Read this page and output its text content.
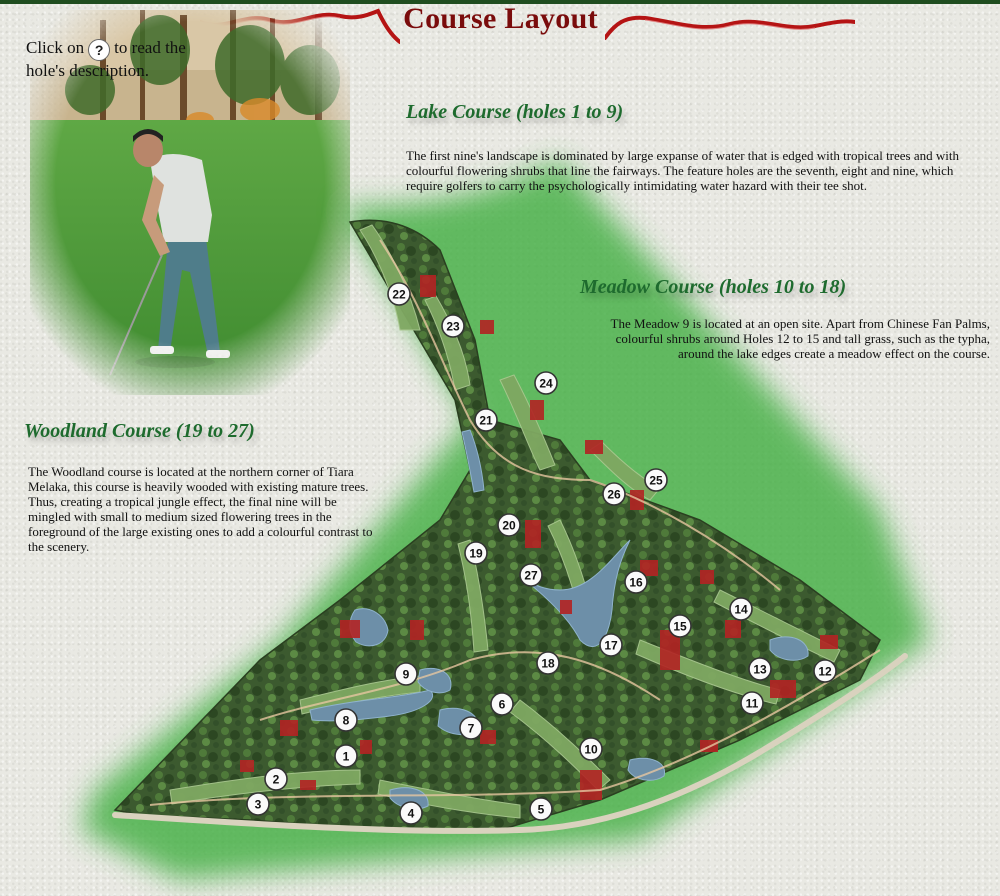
Course Layout
Click on ? to read the hole's description.
1
2
3
4	5
6
7
8
9
10
11
12
13
14
15
16
17
18
19
20
21
22
23
24
25
26
27
Lake Course (holes 1 to 9)
The first nine's landscape is dominated by large expanse of water that is edged with tropical trees and with colourful flowering shrubs that line the fairways. The feature holes are the seventh, eight and nine, which require golfers to carry the psychologically intimidating water hazard with their tee shot.
Meadow Course (holes 10 to 18)
The Meadow 9 is located at an open site. Apart from Chinese Fan Palms, colourful shrubs around Holes 12 to 15 and tall grass, such as the typha, around the lake edges create a meadow effect on the course.
Woodland Course (19 to 27)
The Woodland course is located at the northern corner of Tiara Melaka, this course is heavily wooded with existing mature trees. Thus, creating a tropical jungle effect, the final nine will be mingled with small to medium sized flowering trees in the foreground of the large existing ones to add a colourful contrast to the scenery.
